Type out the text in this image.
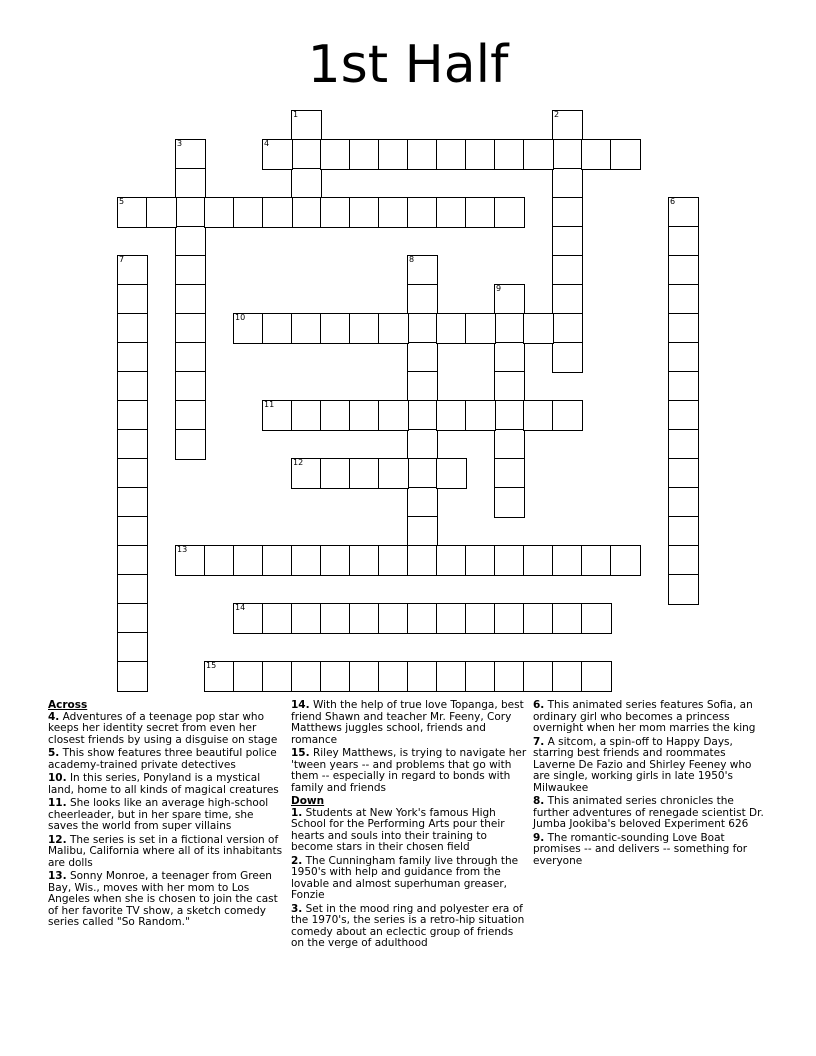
1st Half
1	2
3	4
5	6
7	8
9
10
11
12
13
14
15
Across
4. Adventures of a teenage pop star who keeps her identity secret from even her closest friends by using a disguise on stage
5. This show features three beautiful police academy-trained private detectives
10. In this series, Ponyland is a mystical land, home to all kinds of magical creatures
11. She looks like an average high-school cheerleader, but in her spare time, she saves the world from super villains
12. The series is set in a fictional version of Malibu, California where all of its inhabitants are dolls
13. Sonny Monroe, a teenager from Green Bay, Wis., moves with her mom to Los Angeles when she is chosen to join the cast of her favorite TV show, a sketch comedy series called "So Random."
14. With the help of true love Topanga, best friend Shawn and teacher Mr. Feeny, Cory Matthews juggles school, friends and romance
15. Riley Matthews, is trying to navigate her 'tween years -- and problems that go with them -- especially in regard to bonds with family and friends
Down
1. Students at New York's famous High School for the Performing Arts pour their hearts and souls into their training to become stars in their chosen field
2. The Cunningham family live through the 1950's with help and guidance from the lovable and almost superhuman greaser, Fonzie
3. Set in the mood ring and polyester era of the 1970's, the series is a retro-hip situation comedy about an eclectic group of friends on the verge of adulthood
6. This animated series features Sofia, an ordinary girl who becomes a princess overnight when her mom marries the king
7. A sitcom, a spin-off to Happy Days, starring best friends and roommates Laverne De Fazio and Shirley Feeney who are single, working girls in late 1950's Milwaukee
8. This animated series chronicles the further adventures of renegade scientist Dr. Jumba Jookiba's beloved Experiment 626
9. The romantic-sounding Love Boat promises -- and delivers -- something for everyone
